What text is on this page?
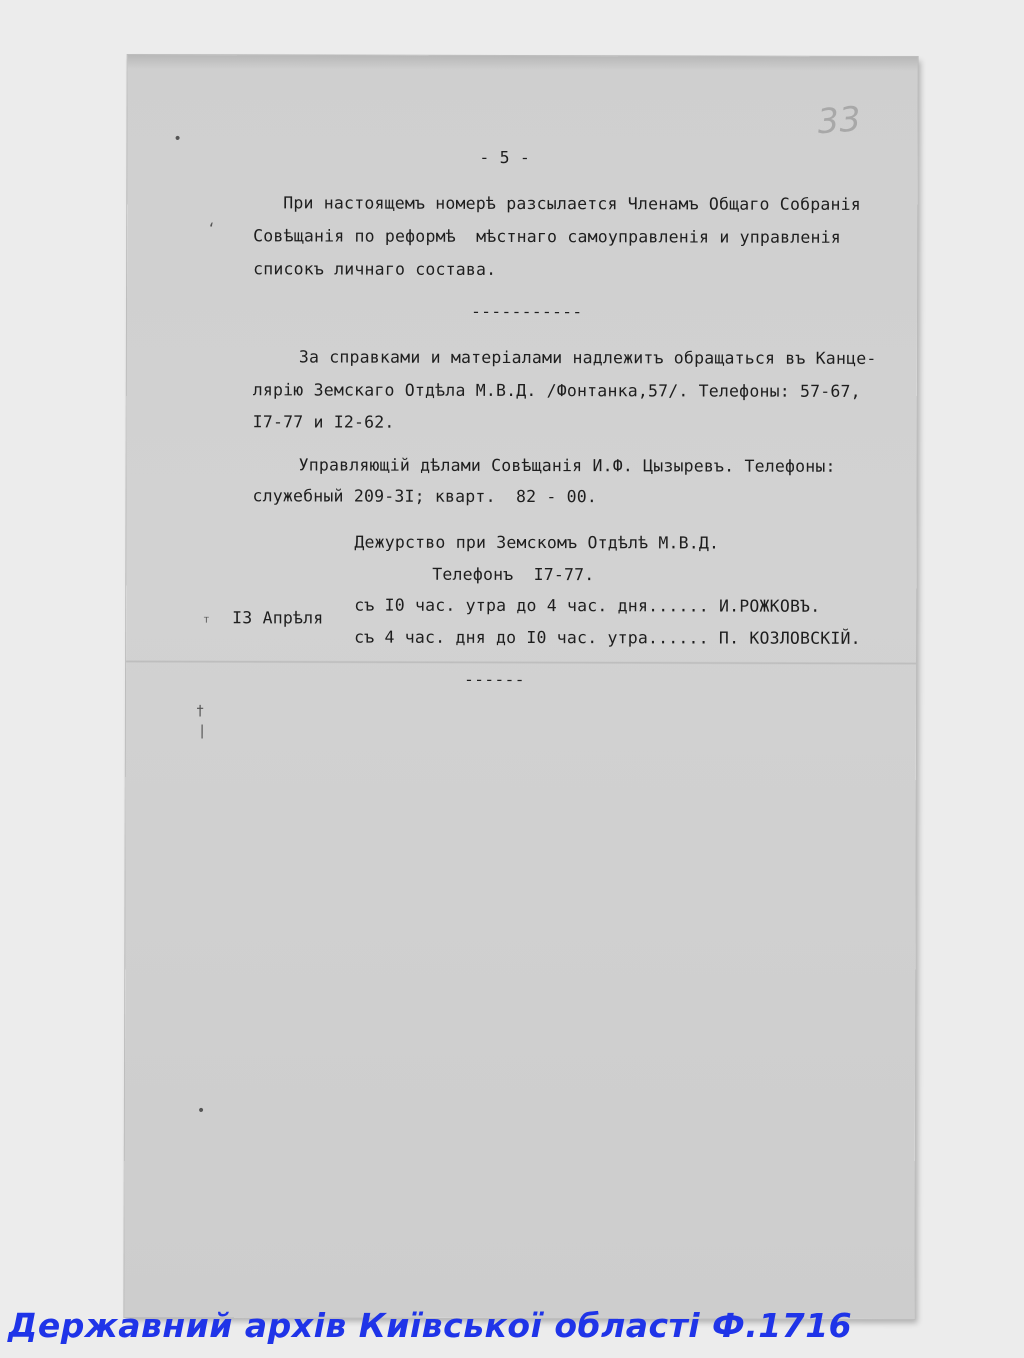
•
ʻ
ᵀ
†
|
•
33
- 5 -
При настоящемъ номерѣ разсылается Членамъ Общаго Собранія
Совѣщанія по реформѣ  мѣстнаго самоуправленія и управленія
списокъ личнаго состава.
-----------
За справками и матеріалами надлежитъ обращаться въ Канце-
лярію Земскаго Отдѣла М.В.Д. /Фонтанка,57/. Телефоны: 57-67,
I7-77 и I2-62.
Управляющій дѣлами Совѣщанія И.Ф. Цызыревъ. Телефоны:
служебный 209-3I; кварт.  82 - 00.
Дежурство при Земскомъ Отдѣлѣ М.В.Д.
Телефонъ  I7-77.
I3 Апрѣля
съ I0 час. утра до 4 час. дня...... И.РОЖКОВЪ.
съ 4 час. дня до I0 час. утра...... П. КОЗЛОВСКІЙ.
------
Державний архів Київської області Ф.1716
